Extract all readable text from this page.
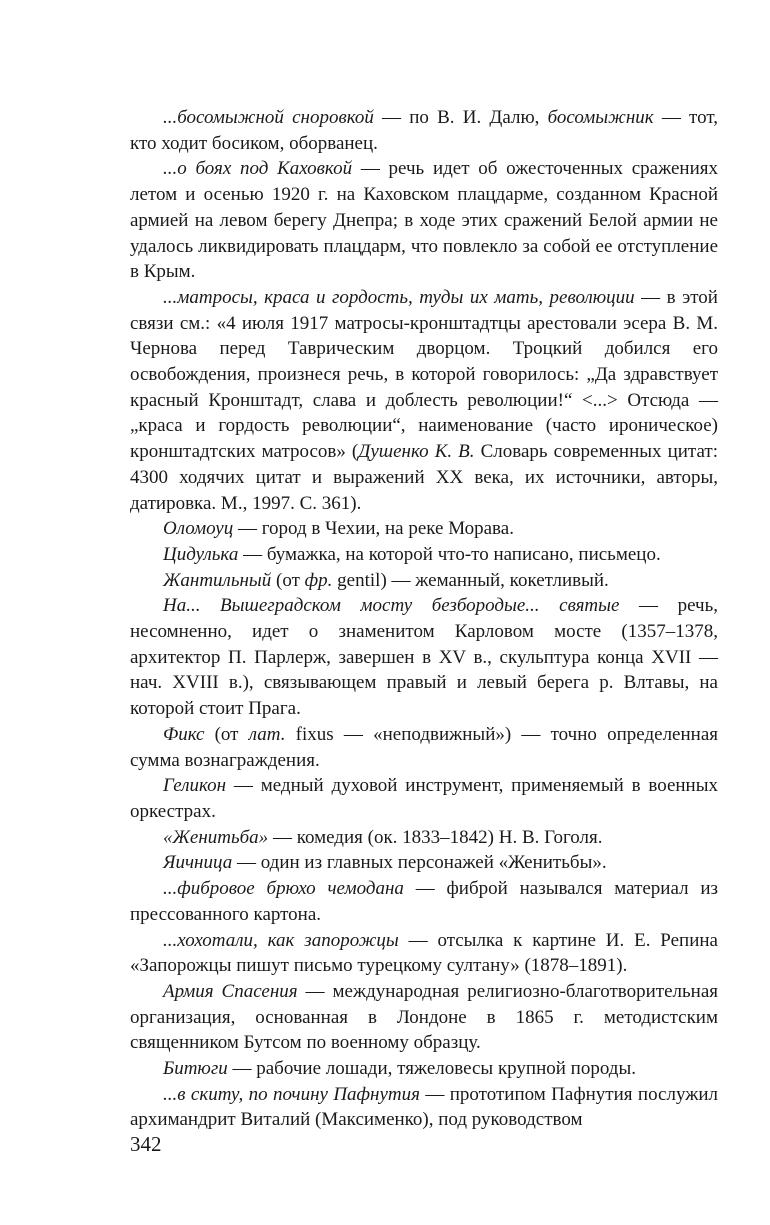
...босомыжной сноровкой — по В. И. Далю, босомыжник — тот, кто ходит босиком, оборванец.

...о боях под Каховкой — речь идет об ожесточенных сражениях летом и осенью 1920 г. на Каховском плацдарме, созданном Красной армией на левом берегу Днепра; в ходе этих сражений Белой армии не удалось ликвидировать плацдарм, что повлекло за собой ее отступление в Крым.

...матросы, краса и гордость, туды их мать, революции — в этой связи см.: «4 июля 1917 матросы-кронштадтцы арестовали эсера В. М. Чернова перед Таврическим дворцом. Троцкий добился его освобождения, произнеся речь, в которой говорилось: „Да здравствует красный Кронштадт, слава и доблесть революции!“ <...> Отсюда — „краса и гордость революции“, наименование (часто ироническое) кронштадтских матросов» (Душенко К. В. Словарь современных цитат: 4300 ходячих цитат и выражений XX века, их источники, авторы, датировка. М., 1997. С. 361).

Оломоуц — город в Чехии, на реке Морава.

Цидулька — бумажка, на которой что-то написано, письмецо.

Жантильный (от фр. gentil) — жеманный, кокетливый.

На... Вышеградском мосту безбородые... святые — речь, несомненно, идет о знаменитом Карловом мосте (1357–1378, архитектор П. Парлерж, завершен в XV в., скульптура конца XVII — нач. XVIII в.), связывающем правый и левый берега р. Влтавы, на которой стоит Прага.

Фикс (от лат. fixus — «неподвижный») — точно определенная сумма вознаграждения.

Геликон — медный духовой инструмент, применяемый в военных оркестрах.

«Женитьба» — комедия (ок. 1833–1842) Н. В. Гоголя.

Яичница — один из главных персонажей «Женитьбы».

...фибровое брюхо чемодана — фиброй назывался материал из прессованного картона.

...хохотали, как запорожцы — отсылка к картине И. Е. Репина «Запорожцы пишут письмо турецкому султану» (1878–1891).

Армия Спасения — международная религиозно-благотворительная организация, основанная в Лондоне в 1865 г. методистским священником Бутсом по военному образцу.

Битюги — рабочие лошади, тяжеловесы крупной породы.

...в скиту, по почину Пафнутия — прототипом Пафнутия послужил архимандрит Виталий (Максименко), под руководством

342
